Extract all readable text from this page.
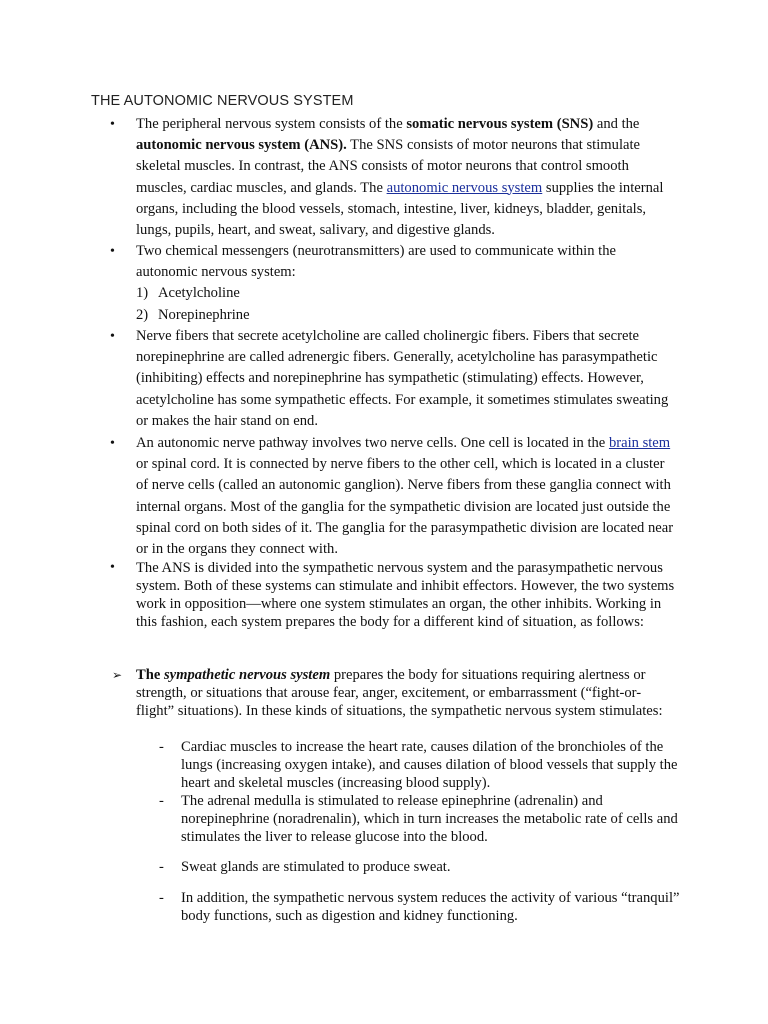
THE AUTONOMIC NERVOUS SYSTEM
• The peripheral nervous system consists of the somatic nervous system (SNS) and the autonomic nervous system (ANS). The SNS consists of motor neurons that stimulate skeletal muscles. In contrast, the ANS consists of motor neurons that control smooth muscles, cardiac muscles, and glands. The autonomic nervous system supplies the internal organs, including the blood vessels, stomach, intestine, liver, kidneys, bladder, genitals, lungs, pupils, heart, and sweat, salivary, and digestive glands.
• Two chemical messengers (neurotransmitters) are used to communicate within the autonomic nervous system:
1) Acetylcholine
2) Norepinephrine
• Nerve fibers that secrete acetylcholine are called cholinergic fibers. Fibers that secrete norepinephrine are called adrenergic fibers. Generally, acetylcholine has parasympathetic (inhibiting) effects and norepinephrine has sympathetic (stimulating) effects. However, acetylcholine has some sympathetic effects. For example, it sometimes stimulates sweating or makes the hair stand on end.
• An autonomic nerve pathway involves two nerve cells. One cell is located in the brain stem or spinal cord. It is connected by nerve fibers to the other cell, which is located in a cluster of nerve cells (called an autonomic ganglion). Nerve fibers from these ganglia connect with internal organs. Most of the ganglia for the sympathetic division are located just outside the spinal cord on both sides of it. The ganglia for the parasympathetic division are located near or in the organs they connect with.
• The ANS is divided into the sympathetic nervous system and the parasympathetic nervous system. Both of these systems can stimulate and inhibit effectors. However, the two systems work in opposition—where one system stimulates an organ, the other inhibits. Working in this fashion, each system prepares the body for a different kind of situation, as follows:
➢ The sympathetic nervous system prepares the body for situations requiring alertness or strength, or situations that arouse fear, anger, excitement, or embarrassment (“fight-or-flight” situations). In these kinds of situations, the sympathetic nervous system stimulates:
- Cardiac muscles to increase the heart rate, causes dilation of the bronchioles of the lungs (increasing oxygen intake), and causes dilation of blood vessels that supply the heart and skeletal muscles (increasing blood supply).
- The adrenal medulla is stimulated to release epinephrine (adrenalin) and norepinephrine (noradrenalin), which in turn increases the metabolic rate of cells and stimulates the liver to release glucose into the blood.
- Sweat glands are stimulated to produce sweat.
- In addition, the sympathetic nervous system reduces the activity of various “tranquil” body functions, such as digestion and kidney functioning.
